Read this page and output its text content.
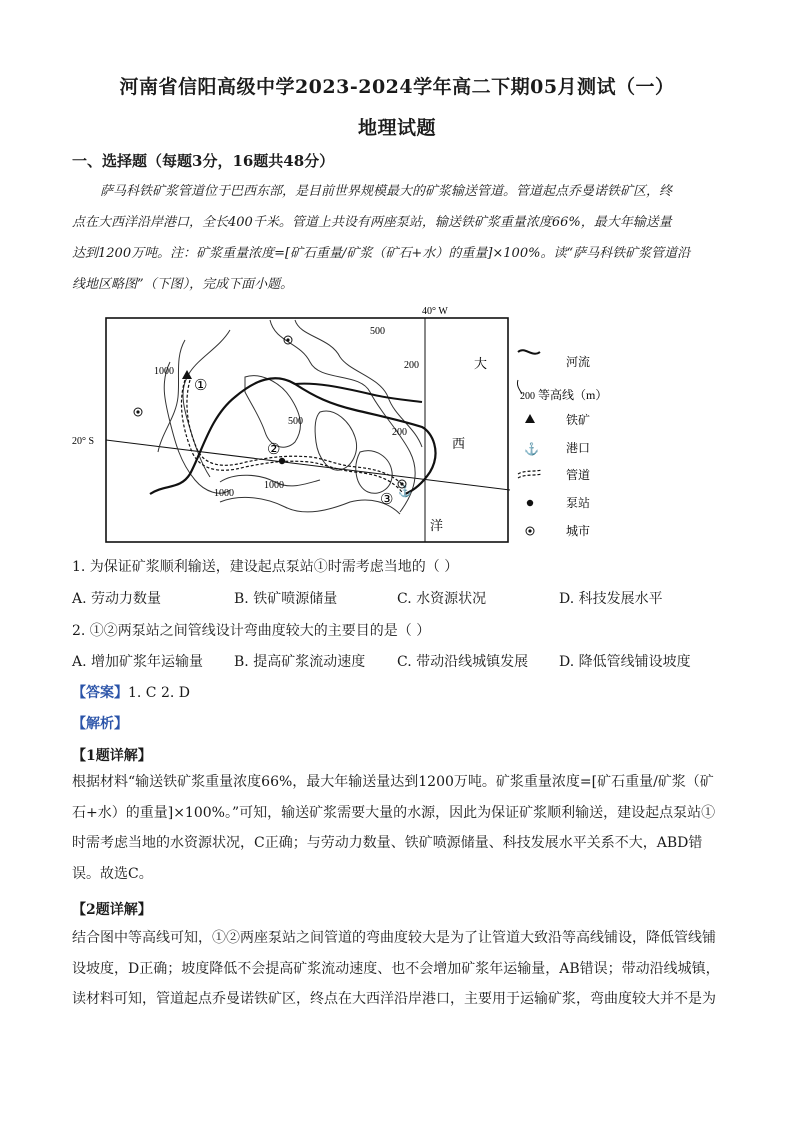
河南省信阳高级中学2023-2024学年高二下期05月测试（一）
地理试题
一、选择题（每题3分，16题共48分）
萨马科铁矿浆管道位于巴西东部，是目前世界规模最大的矿浆输送管道。管道起点乔曼诺铁矿区，终
点在大西洋沿岸港口，全长400千米。管道上共设有两座泵站，输送铁矿浆重量浓度66%，最大年输送量
达到1200万吨。注：矿浆重量浓度=[矿石重量/矿浆（矿石+水）的重量]×100%。读“萨马科铁矿浆管道沿
线地区略图”（下图），完成下面小题。
40° W
20° S
⚓
①
②
③
500
200
1000
500
200
1000
1000
大
西
洋
河流
200 等高线（m）
铁矿
⚓ 港口
管道
泵站
城市
1. 为保证矿浆顺利输送，建设起点泵站①时需考虑当地的（ ）
A. 劳动力数量	B. 铁矿喷源储量	C. 水资源状况	D. 科技发展水平
2. ①②两泵站之间管线设计弯曲度较大的主要目的是（ ）
A. 增加矿浆年运输量 B. 提高矿浆流动速度 C. 带动沿线城镇发展 D. 降低管线铺设坡度
【答案】1. C 2. D
【解析】
【1题详解】
根据材料“输送铁矿浆重量浓度66%，最大年输送量达到1200万吨。矿浆重量浓度=[矿石重量/矿浆（矿
石+水）的重量]×100%。”可知，输送矿浆需要大量的水源，因此为保证矿浆顺利输送，建设起点泵站①
时需考虑当地的水资源状况，C正确；与劳动力数量、铁矿喷源储量、科技发展水平关系不大，ABD错
误。故选C。
【2题详解】
结合图中等高线可知，①②两座泵站之间管道的弯曲度较大是为了让管道大致沿等高线铺设，降低管线铺
设坡度，D正确；坡度降低不会提高矿浆流动速度、也不会增加矿浆年运输量，AB错误；带动沿线城镇，
读材料可知，管道起点乔曼诺铁矿区，终点在大西洋沿岸港口，主要用于运输矿浆，弯曲度较大并不是为
